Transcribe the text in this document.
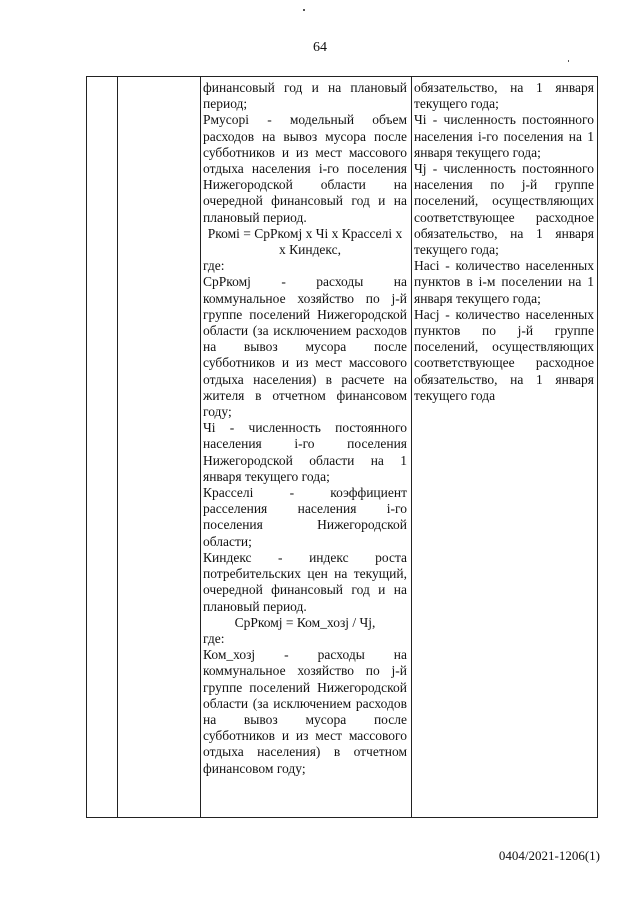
64

финансовый год и на плановый период;

Рмусорі - модельный объем расходов на вывоз мусора после субботников и из мест массового отдыха населения і-го поселения Нижегородской области на очередной финансовый год и на плановый период.

Ркомі = СрРкомj х Чі х Красселі х

х Киндекс,

где:

СрРкомj - расходы на коммунальное хозяйство по j-й группе поселений Нижегородской области (за исключением расходов на вывоз мусора после субботников и из мест массового отдыха населения) в расчете на жителя в отчетном финансовом году;

Чі - численность постоянного населения і-го поселения Нижегородской области на 1 января текущего года;

Красселі - коэффициент расселения населения і-го поселения Нижегородской области;

Киндекс - индекс роста потребительских цен на текущий, очередной финансовый год и на плановый период.

СрРкомj = Ком_хозj / Чj,

где:

Ком_хозj - расходы на коммунальное хозяйство по j-й группе поселений Нижегородской области (за исключением расходов на вывоз мусора после субботников и из мест массового отдыха населения) в отчетном финансовом году;

обязательство, на 1 января текущего года;

Чі - численность постоянного населения і-го поселения на 1 января текущего года;

Чj - численность постоянного населения по j-й группе поселений, осуществляющих соответствующее расходное обязательство, на 1 января текущего года;

Насі - количество населенных пунктов в і-м поселении на 1 января текущего года;

Насj - количество населенных пунктов по j-й группе поселений, осуществляющих соответствующее расходное обязательство, на 1 января текущего года

0404/2021-1206(1)
